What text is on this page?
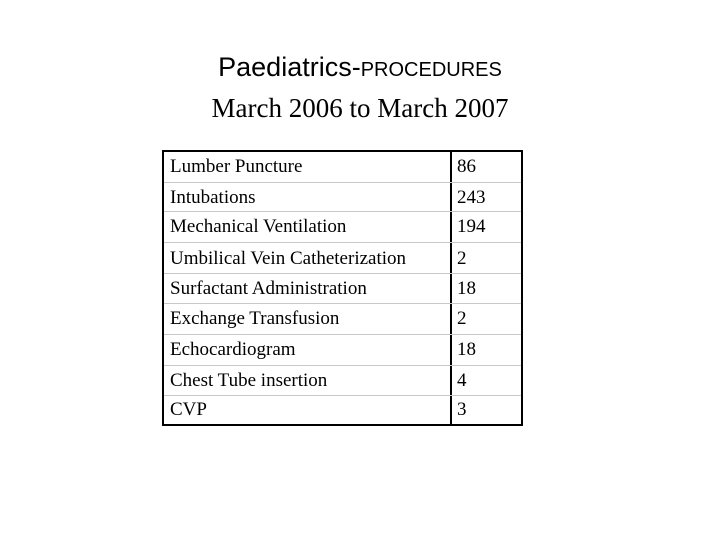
Paediatrics-PROCEDURES
March 2006 to March 2007
Lumber Puncture	86
Intubations	243
Mechanical Ventilation	194
Umbilical Vein Catheterization	2
Surfactant Administration	18
Exchange Transfusion	2
Echocardiogram	18
Chest Tube insertion	4
CVP	3
